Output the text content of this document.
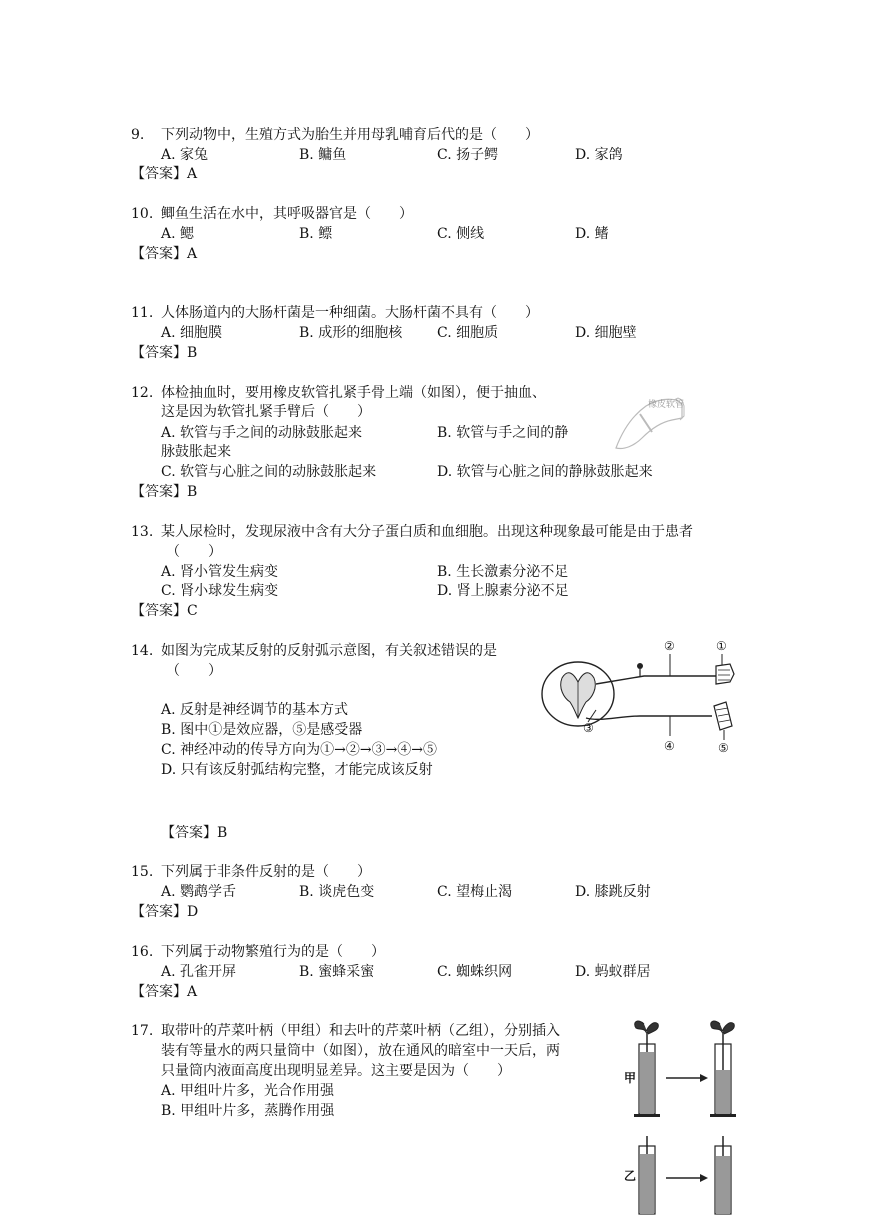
9. 下列动物中，生殖方式为胎生并用母乳哺育后代的是（　　）
A. 家兔	B. 鳙鱼	C. 扬子鳄	D. 家鸽
【答案】A
10. 鲫鱼生活在水中，其呼吸器官是（　　）
A. 鳃	B. 鳔	C. 侧线	D. 鳍
【答案】A
11. 人体肠道内的大肠杆菌是一种细菌。大肠杆菌不具有（　　）
A. 细胞膜	B. 成形的细胞核 C. 细胞质	D. 细胞壁
【答案】B
12. 体检抽血时，要用橡皮软管扎紧手骨上端（如图），便于抽血、
这是因为软管扎紧手臂后（　　）
A. 软管与手之间的动脉鼓胀起来	B. 软管与手之间的静
脉鼓胀起来
C. 软管与心脏之间的动脉鼓胀起来	D. 软管与心脏之间的静脉鼓胀起来
【答案】B
橡皮软管
13. 某人尿检时，发现尿液中含有大分子蛋白质和血细胞。出现这种现象最可能是由于患者
（　　）
A. 肾小管发生病变	B. 生长激素分泌不足
C. 肾小球发生病变	D. 肾上腺素分泌不足
【答案】C
14. 如图为完成某反射的反射弧示意图，有关叙述错误的是
（　　）
A. 反射是神经调节的基本方式
B. 图中①是效应器，⑤是感受器
C. 神经冲动的传导方向为①→②→③→④→⑤
D. 只有该反射弧结构完整，才能完成该反射
【答案】B
①
②
③
④	⑤
15. 下列属于非条件反射的是（　　）
A. 鹦鹉学舌	B. 谈虎色变	C. 望梅止渴	D. 膝跳反射
【答案】D
16. 下列属于动物繁殖行为的是（　　）
A. 孔雀开屏	B. 蜜蜂采蜜	C. 蜘蛛织网	D. 蚂蚁群居
【答案】A
17. 取带叶的芹菜叶柄（甲组）和去叶的芹菜叶柄（乙组），分别插入
装有等量水的两只量筒中（如图），放在通风的暗室中一天后，两
只量筒内液面高度出现明显差异。这主要是因为（　　）
A. 甲组叶片多，光合作用强
B. 甲组叶片多，蒸腾作用强
甲
乙
